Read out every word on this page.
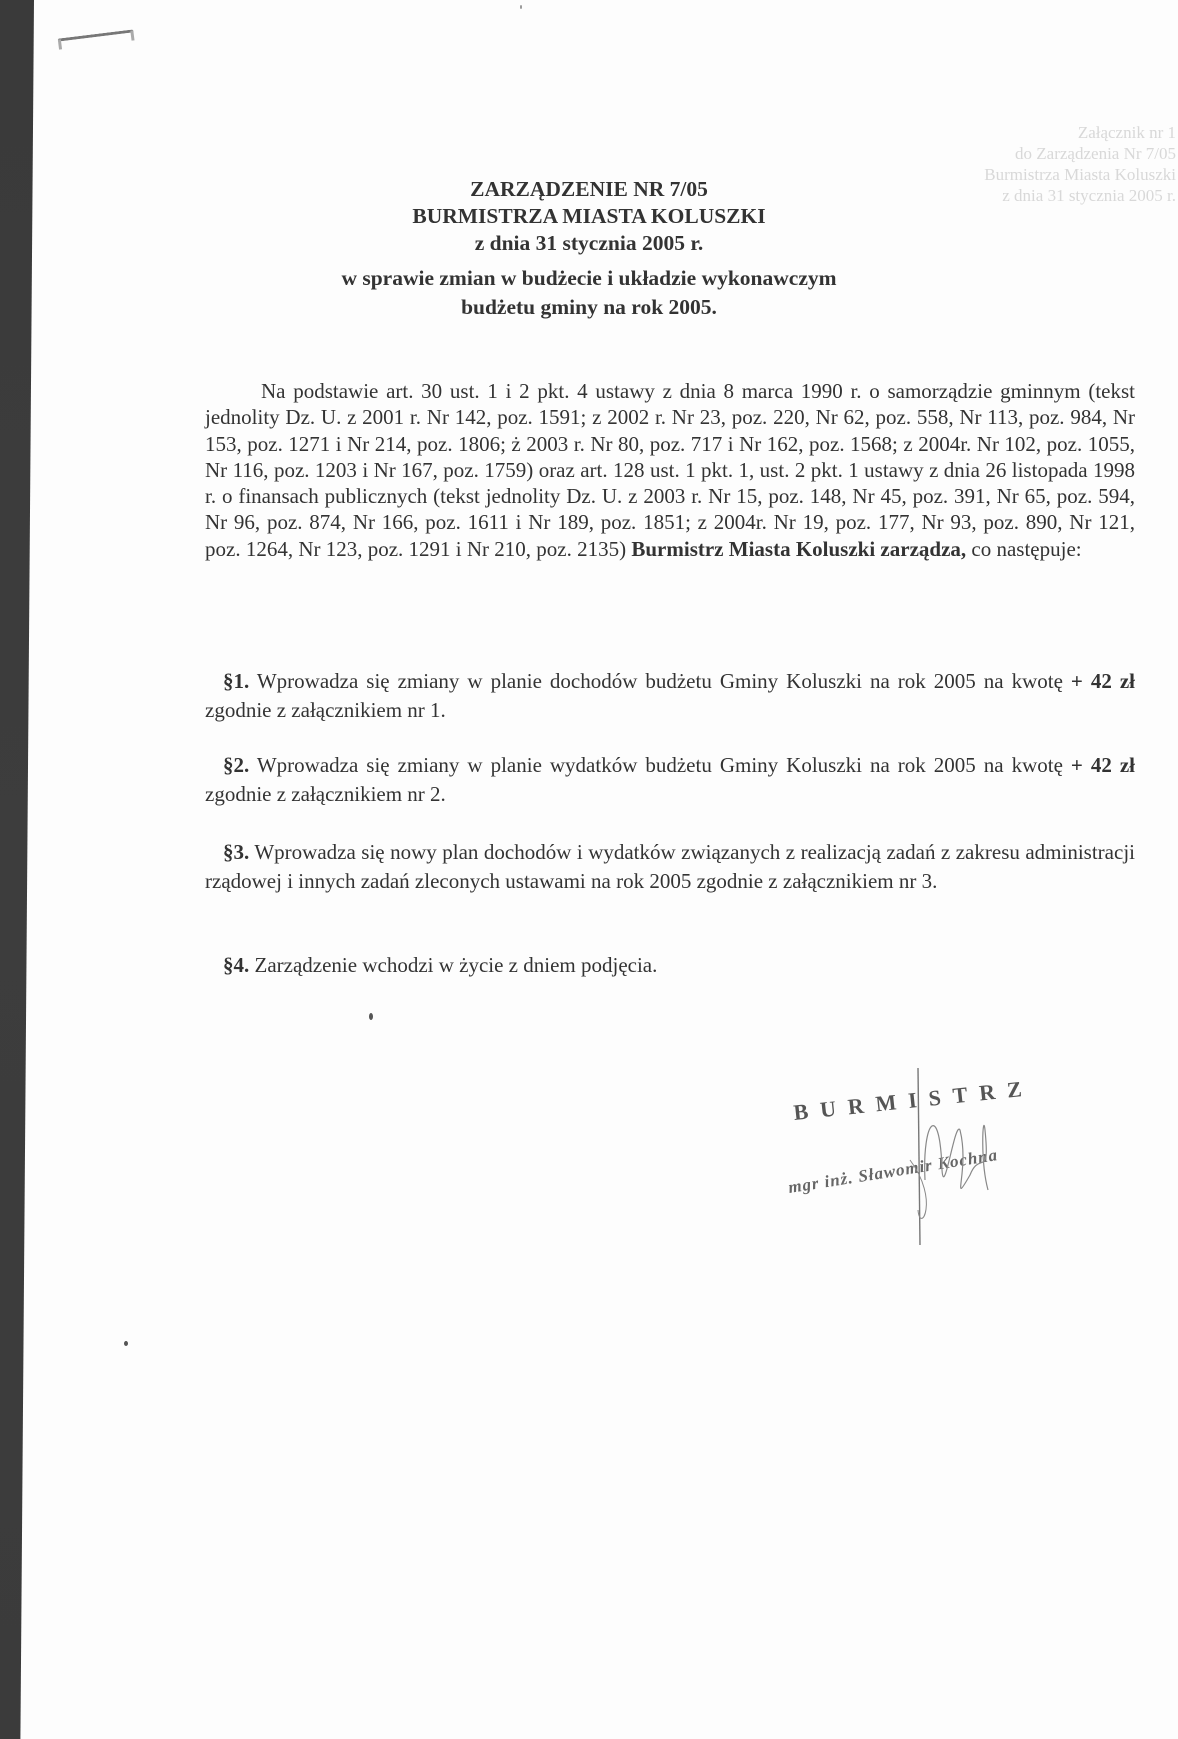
Załącznik nr 1
do Zarządzenia Nr 7/05
Burmistrza Miasta Koluszki
z dnia 31 stycznia 2005 r.
ZARZĄDZENIE NR 7/05
BURMISTRZA MIASTA KOLUSZKI
z dnia 31 stycznia 2005 r.
w sprawie zmian w budżecie i układzie wykonawczym
budżetu gminy na rok 2005.
Na podstawie art. 30 ust. 1 i 2 pkt. 4 ustawy z dnia 8 marca 1990 r. o samorządzie gminnym (tekst jednolity Dz. U. z 2001 r. Nr 142, poz. 1591; z 2002 r. Nr 23, poz. 220, Nr 62, poz. 558, Nr 113, poz. 984, Nr 153, poz. 1271 i Nr 214, poz. 1806; ż 2003 r. Nr 80, poz. 717 i Nr 162, poz. 1568; z 2004r. Nr 102, poz. 1055, Nr 116, poz. 1203 i Nr 167, poz. 1759) oraz art. 128 ust. 1 pkt. 1, ust. 2 pkt. 1 ustawy z dnia 26 listopada 1998 r. o finansach publicznych (tekst jednolity Dz. U. z 2003 r. Nr 15, poz. 148, Nr 45, poz. 391, Nr 65, poz. 594, Nr 96, poz. 874, Nr 166, poz. 1611 i Nr 189, poz. 1851; z 2004r. Nr 19, poz. 177, Nr 93, poz. 890, Nr 121, poz. 1264, Nr 123, poz. 1291 i Nr 210, poz. 2135) Burmistrz Miasta Koluszki zarządza, co następuje:
§1. Wprowadza się zmiany w planie dochodów budżetu Gminy Koluszki na rok 2005 na kwotę + 42 zł zgodnie z załącznikiem nr 1.
§2. Wprowadza się zmiany w planie wydatków budżetu Gminy Koluszki na rok 2005 na kwotę + 42 zł zgodnie z załącznikiem nr 2.
§3. Wprowadza się nowy plan dochodów i wydatków związanych z realizacją zadań z zakresu administracji rządowej i innych zadań zleconych ustawami na rok 2005 zgodnie z załącznikiem nr 3.
§4. Zarządzenie wchodzi w życie z dniem podjęcia.
BURMISTRZ
mgr inż. Sławomir Kochna
